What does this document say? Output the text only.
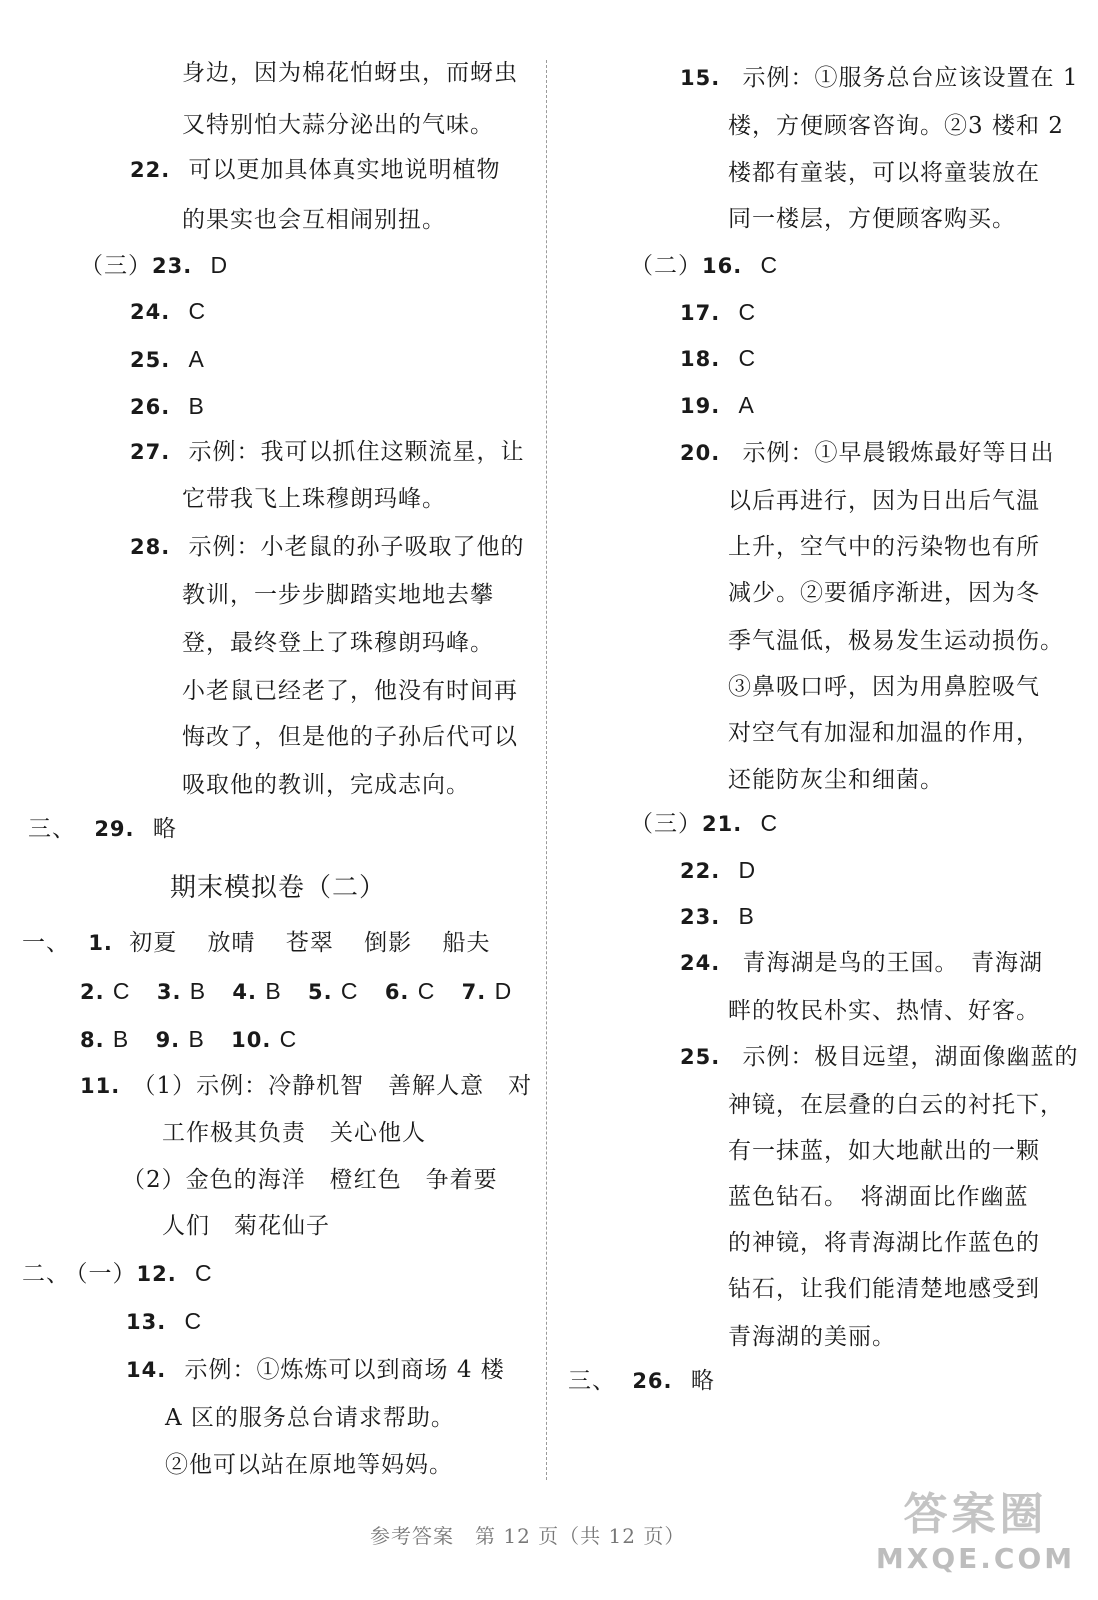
身边，因为棉花怕蚜虫，而蚜虫
又特别怕大蒜分泌出的气味。
22. 可以更加具体真实地说明植物
的果实也会互相闹别扭。
（三）23. D
24. C
25. A
26. B
27. 示例：我可以抓住这颗流星，让
它带我飞上珠穆朗玛峰。
28. 示例：小老鼠的孙子吸取了他的
教训，一步步脚踏实地地去攀
登，最终登上了珠穆朗玛峰。
小老鼠已经老了，他没有时间再
悔改了，但是他的子孙后代可以
吸取他的教训，完成志向。
三、 29. 略
期末模拟卷（二）
一、 1. 初夏 放晴 苍翠 倒影 船夫
2. C 3. B 4. B 5. C 6. C 7. D
8. B 9. B 10. C
11. （1）示例：冷静机智　善解人意　对
工作极其负责　关心他人
（2）金色的海洋　橙红色　争着要
人们　菊花仙子
二、 （一）12. C
13. C
14. 示例：①炼炼可以到商场 4 楼
A 区的服务总台请求帮助。
②他可以站在原地等妈妈。
15. 示例：①服务总台应该设置在 1
楼，方便顾客咨询。②3 楼和 2
楼都有童装，可以将童装放在
同一楼层，方便顾客购买。
（二）16. C
17. C
18. C
19. A
20. 示例：①早晨锻炼最好等日出
以后再进行，因为日出后气温
上升，空气中的污染物也有所
减少。②要循序渐进，因为冬
季气温低，极易发生运动损伤。
③鼻吸口呼，因为用鼻腔吸气
对空气有加湿和加温的作用，
还能防灰尘和细菌。
（三）21. C
22. D
23. B
24. 青海湖是鸟的王国。　青海湖
畔的牧民朴实、热情、好客。
25. 示例：极目远望，湖面像幽蓝的
神镜，在层叠的白云的衬托下，
有一抹蓝，如大地献出的一颗
蓝色钻石。　将湖面比作幽蓝
的神镜，将青海湖比作蓝色的
钻石，让我们能清楚地感受到
青海湖的美丽。
三、 26. 略
参考答案　第 12 页（共 12 页）	答案圈
MXQE.COM
